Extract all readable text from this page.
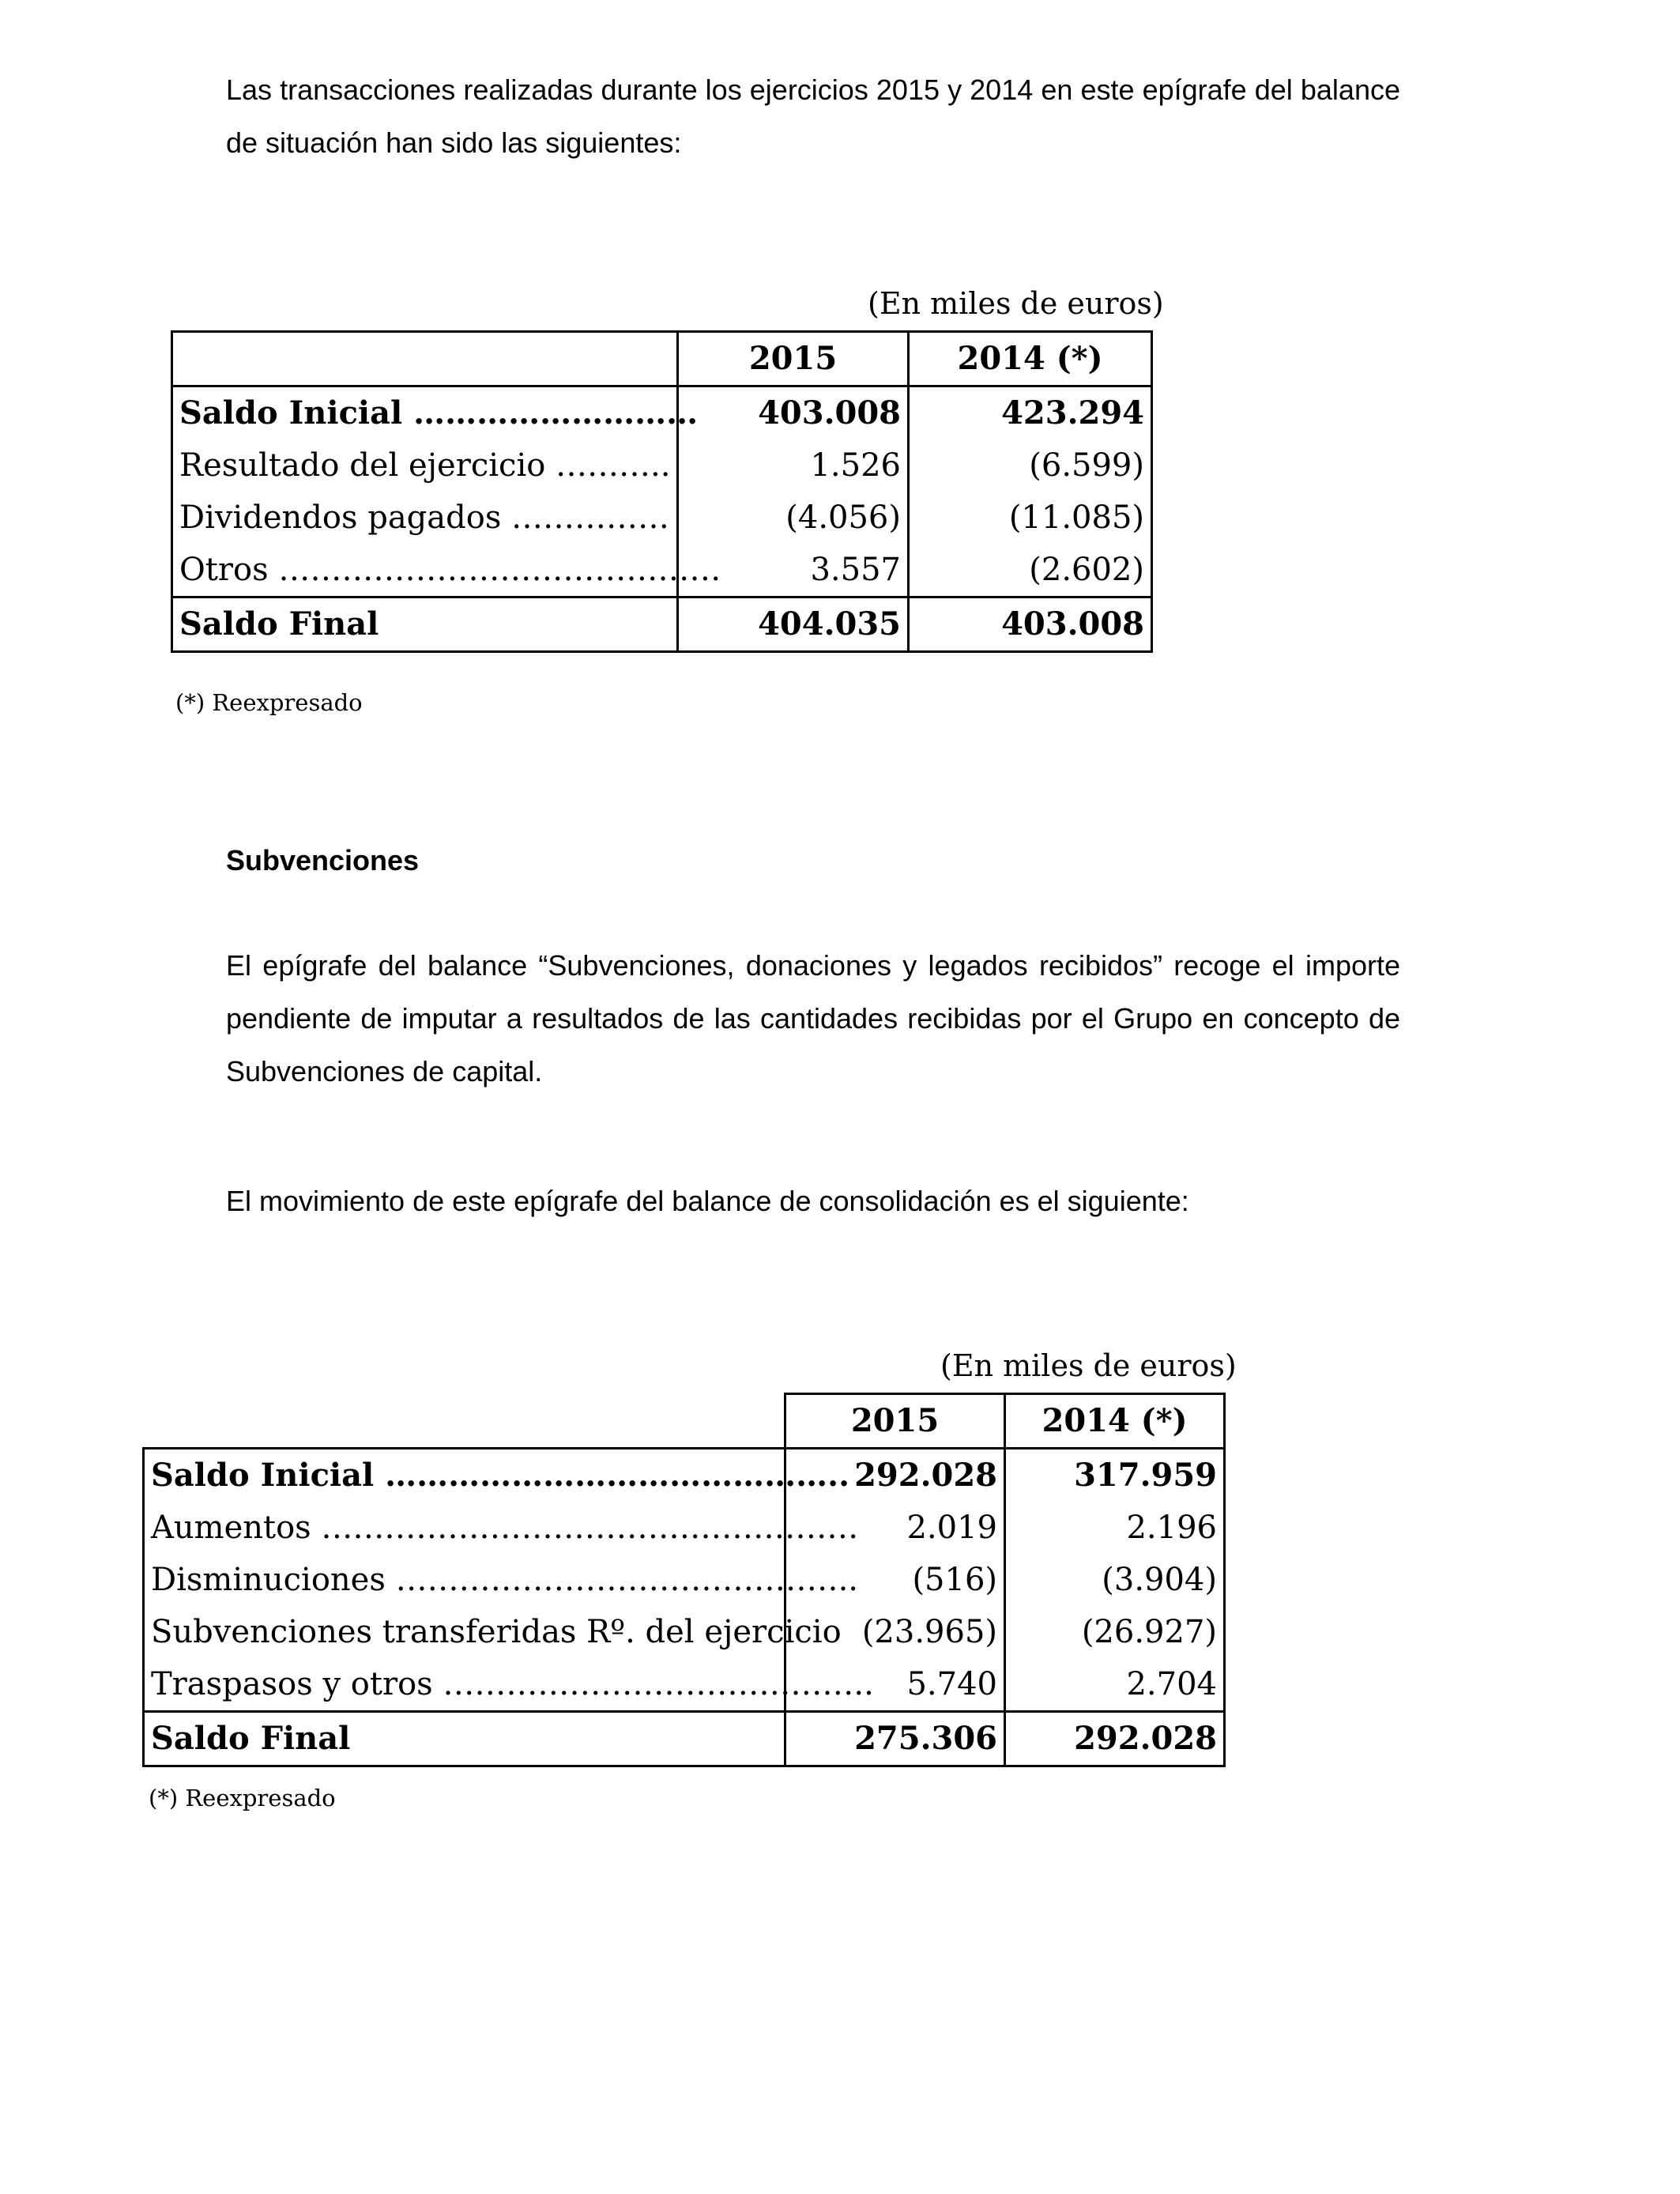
Las transacciones realizadas durante los ejercicios 2015 y 2014 en este epígrafe del balance de situación han sido las siguientes:

(En miles de euros)
	2015	2014 (*)
Saldo Inicial ………………………	403.008	423.294
Resultado del ejercicio ………..	1.526	(6.599)
Dividendos pagados ……………	(4.056)	(11.085)
Otros ……………………………………	3.557	(2.602)
Saldo Final	404.035	403.008
(*) Reexpresado
Subvenciones

El epígrafe del balance “Subvenciones, donaciones y legados recibidos” recoge el importe pendiente de imputar a resultados de las cantidades recibidas por el Grupo en concepto de Subvenciones de capital.

El movimiento de este epígrafe del balance de consolidación es el siguiente:

(En miles de euros)
	2015	2014 (*)
Saldo Inicial ……………………………………..	292.028	317.959
Aumentos ……………………………………………	2.019	2.196
Disminuciones ……………………………………..	(516)	(3.904)
Subvenciones transferidas Rº. del ejercicio	(23.965)	(26.927)
Traspasos y otros …………………………………..	5.740	2.704
Saldo Final	275.306	292.028
(*) Reexpresado
